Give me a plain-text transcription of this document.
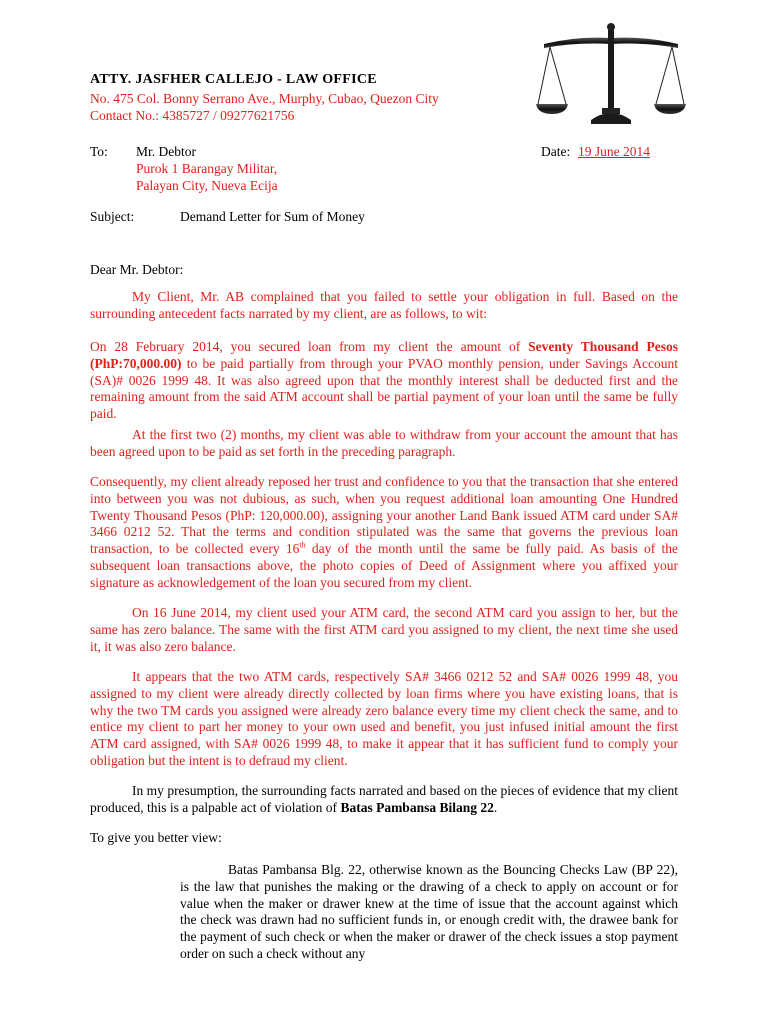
ATTY. JASFHER CALLEJO - LAW OFFICE
No. 475 Col. Bonny Serrano Ave., Murphy, Cubao, Quezon City
Contact No.: 4385727 / 09277621756
To: Mr. Debtor
Purok 1 Barangay Militar,
Palayan City, Nueva Ecija
Date: 19 June 2014
Subject:	Demand Letter for Sum of Money
Dear Mr. Debtor:

My Client, Mr. AB complained that you failed to settle your obligation in full. Based on the surrounding antecedent facts narrated by my client, are as follows, to wit:

On 28 February 2014, you secured loan from my client the amount of Seventy Thousand Pesos (PhP:70,000.00) to be paid partially from through your PVAO monthly pension, under Savings Account (SA)# 0026 1999 48. It was also agreed upon that the monthly interest shall be deducted first and the remaining amount from the said ATM account shall be partial payment of your loan until the same be fully paid.

At the first two (2) months, my client was able to withdraw from your account the amount that has been agreed upon to be paid as set forth in the preceding paragraph.

Consequently, my client already reposed her trust and confidence to you that the transaction that she entered into between you was not dubious, as such, when you request additional loan amounting One Hundred Twenty Thousand Pesos (PhP: 120,000.00), assigning your another Land Bank issued ATM card under SA# 3466 0212 52. That the terms and condition stipulated was the same that governs the previous loan transaction, to be collected every 16th day of the month until the same be fully paid. As basis of the subsequent loan transactions above, the photo copies of Deed of Assignment where you affixed your signature as acknowledgement of the loan you secured from my client.

On 16 June 2014, my client used your ATM card, the second ATM card you assign to her, but the same has zero balance. The same with the first ATM card you assigned to my client, the next time she used it, it was also zero balance.

It appears that the two ATM cards, respectively SA# 3466 0212 52 and SA# 0026 1999 48, you assigned to my client were already directly collected by loan firms where you have existing loans, that is why the two TM cards you assigned were already zero balance every time my client check the same, and to entice my client to part her money to your own used and benefit, you just infused initial amount the first ATM card assigned, with SA# 0026 1999 48, to make it appear that it has sufficient fund to comply your obligation but the intent is to defraud my client.

In my presumption, the surrounding facts narrated and based on the pieces of evidence that my client produced, this is a palpable act of violation of Batas Pambansa Bilang 22.

To give you better view:

Batas Pambansa Blg. 22, otherwise known as the Bouncing Checks Law (BP 22), is the law that punishes the making or the drawing of a check to apply on account or for value when the maker or drawer knew at the time of issue that the account against which the check was drawn had no sufficient funds in, or enough credit with, the drawee bank for the payment of such check or when the maker or drawer of the check issues a stop payment order on such a check without any
